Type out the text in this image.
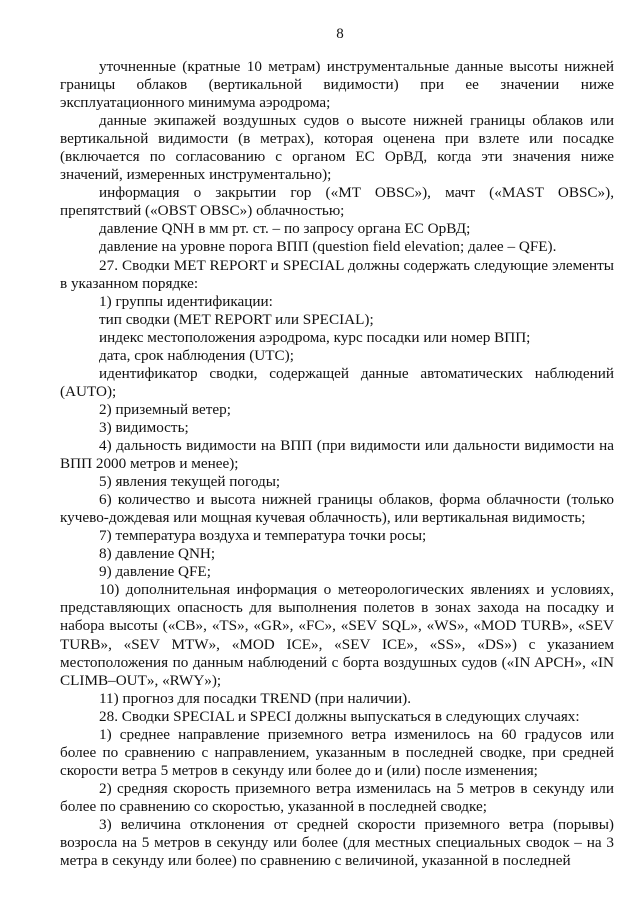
8

уточненные (кратные 10 метрам) инструментальные данные высоты нижней границы облаков (вертикальной видимости) при ее значении ниже эксплуатационного минимума аэродрома;

данные экипажей воздушных судов о высоте нижней границы облаков или вертикальной видимости (в метрах), которая оценена при взлете или посадке (включается по согласованию с органом ЕС ОрВД, когда эти значения ниже значений, измеренных инструментально);

информация о закрытии гор («MT OBSC»), мачт («MAST OBSC»), препятствий («OBST OBSC») облачностью;

давление QNH в мм рт. ст. – по запросу органа ЕС ОрВД;

давление на уровне порога ВПП (question field elevation; далее – QFE).

27. Сводки MET REPORT и SPECIAL должны содержать следующие элементы в указанном порядке:

1) группы идентификации:

тип сводки (MET REPORT или SPECIAL);

индекс местоположения аэродрома, курс посадки или номер ВПП;

дата, срок наблюдения (UTC);

идентификатор сводки, содержащей данные автоматических наблюдений (AUTO);

2) приземный ветер;

3) видимость;

4) дальность видимости на ВПП (при видимости или дальности видимости на ВПП 2000 метров и менее);

5) явления текущей погоды;

6) количество и высота нижней границы облаков, форма облачности (только кучево-дождевая или мощная кучевая облачность), или вертикальная видимость;

7) температура воздуха и температура точки росы;

8) давление QNH;

9) давление QFE;

10) дополнительная информация о метеорологических явлениях и условиях, представляющих опасность для выполнения полетов в зонах захода на посадку и набора высоты («CB», «TS», «GR», «FC», «SEV SQL», «WS», «MOD TURB», «SEV TURB», «SEV MTW», «MOD ICE», «SEV ICE», «SS», «DS») с указанием местоположения по данным наблюдений с борта воздушных судов («IN APCH», «IN CLIMB–OUT», «RWY»);

11) прогноз для посадки TREND (при наличии).

28. Сводки SPECIAL и SPECI должны выпускаться в следующих случаях:

1) среднее направление приземного ветра изменилось на 60 градусов или более по сравнению с направлением, указанным в последней сводке, при средней скорости ветра 5 метров в секунду или более до и (или) после изменения;

2) средняя скорость приземного ветра изменилась на 5 метров в секунду или более по сравнению со скоростью, указанной в последней сводке;

3) величина отклонения от средней скорости приземного ветра (порывы) возросла на 5 метров в секунду или более (для местных специальных сводок – на 3 метра в секунду или более) по сравнению с величиной, указанной в последней
